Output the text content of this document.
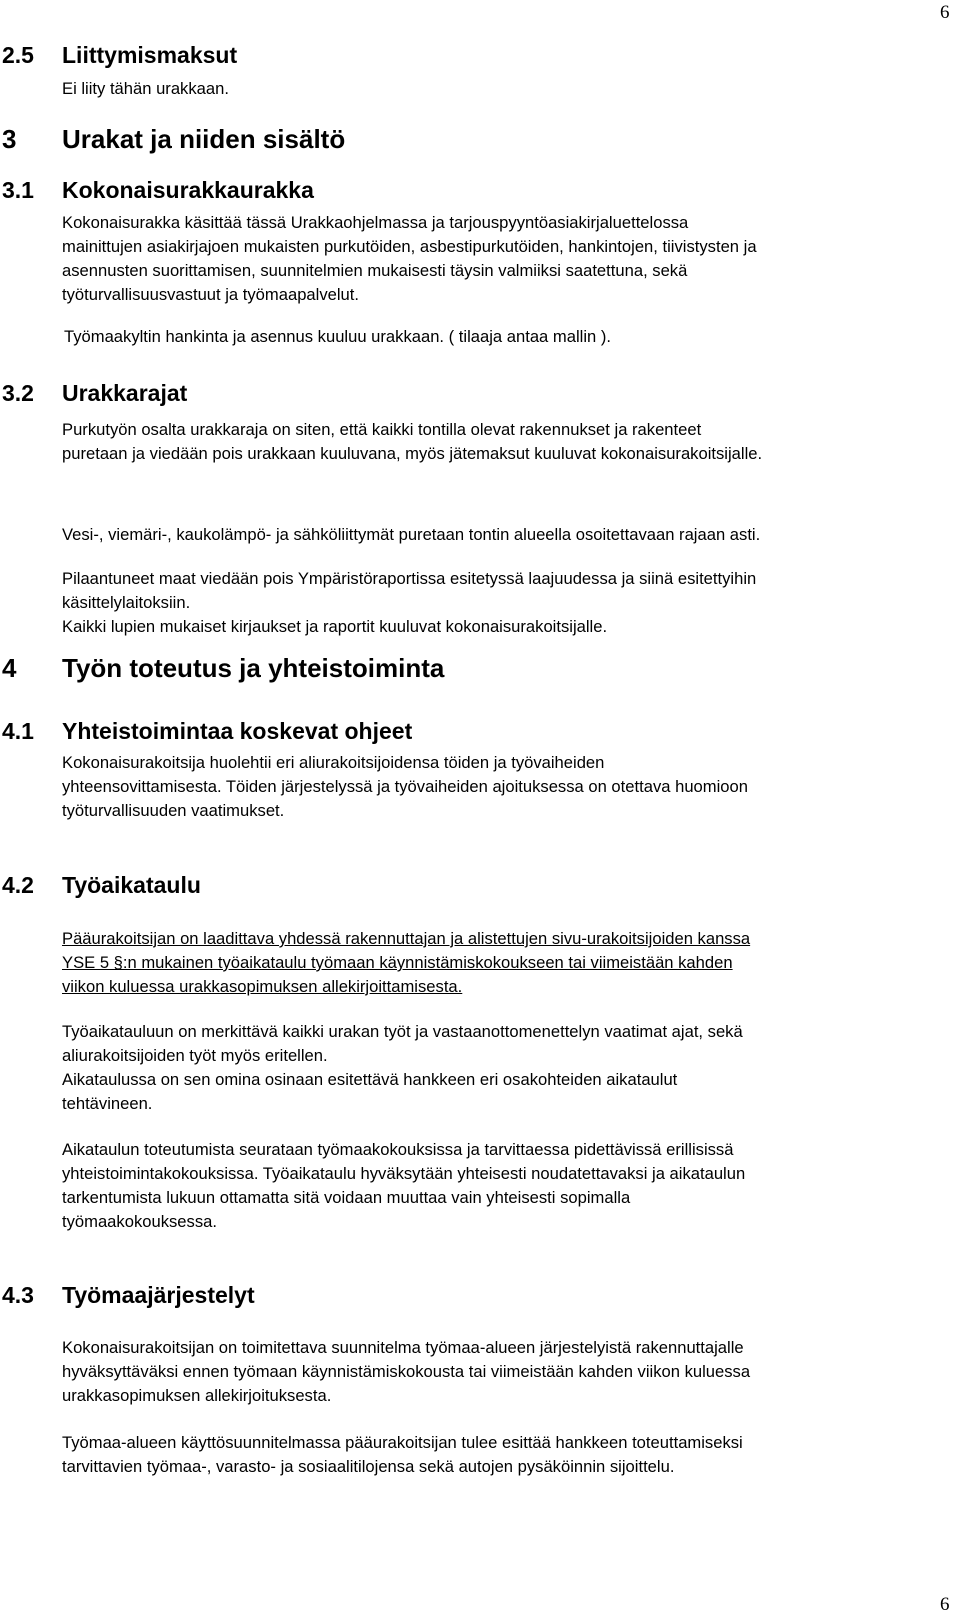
6
6
2.5 Liittymismaksut
Ei liity tähän urakkaan.
3 Urakat ja niiden sisältö
3.1 Kokonaisurakkaurakka
Kokonaisurakka käsittää tässä Urakkaohjelmassa ja tarjouspyyntöasiakirjaluettelossa
mainittujen asiakirjajoen mukaisten purkutöiden, asbestipurkutöiden, hankintojen, tiivistysten ja
asennusten suorittamisen, suunnitelmien mukaisesti täysin valmiiksi saatettuna, sekä
työturvallisuusvastuut ja työmaapalvelut.
Työmaakyltin hankinta ja asennus kuuluu urakkaan. ( tilaaja antaa mallin ).
3.2 Urakkarajat
Purkutyön osalta urakkaraja on siten, että kaikki tontilla olevat rakennukset ja rakenteet
puretaan ja viedään pois urakkaan kuuluvana, myös jätemaksut kuuluvat kokonaisurakoitsijalle.
Vesi-, viemäri-, kaukolämpö- ja sähköliittymät puretaan tontin alueella osoitettavaan rajaan asti.
Pilaantuneet maat viedään pois Ympäristöraportissa esitetyssä laajuudessa ja siinä esitettyihin
käsittelylaitoksiin.
Kaikki lupien mukaiset kirjaukset ja raportit kuuluvat kokonaisurakoitsijalle.
4 Työn toteutus ja yhteistoiminta
4.1 Yhteistoimintaa koskevat ohjeet
Kokonaisurakoitsija huolehtii eri aliurakoitsijoidensa töiden ja työvaiheiden
yhteensovittamisesta. Töiden järjestelyssä ja työvaiheiden ajoituksessa on otettava huomioon
työturvallisuuden vaatimukset.
4.2 Työaikataulu
Pääurakoitsijan on laadittava yhdessä rakennuttajan ja alistettujen sivu-urakoitsijoiden kanssa
YSE 5 §:n mukainen työaikataulu työmaan käynnistämiskokoukseen tai viimeistään kahden
viikon kuluessa urakkasopimuksen allekirjoittamisesta.
Työaikatauluun on merkittävä kaikki urakan työt ja vastaanottomenettelyn vaatimat ajat, sekä
aliurakoitsijoiden työt myös eritellen.
Aikataulussa on sen omina osinaan esitettävä hankkeen eri osakohteiden aikataulut
tehtävineen.
Aikataulun toteutumista seurataan työmaakokouksissa ja tarvittaessa pidettävissä erillisissä
yhteistoimintakokouksissa. Työaikataulu hyväksytään yhteisesti noudatettavaksi ja aikataulun
tarkentumista lukuun ottamatta sitä voidaan muuttaa vain yhteisesti sopimalla
työmaakokouksessa.
4.3 Työmaajärjestelyt
Kokonaisurakoitsijan on toimitettava suunnitelma työmaa-alueen järjestelyistä rakennuttajalle
hyväksyttäväksi ennen työmaan käynnistämiskokousta tai viimeistään kahden viikon kuluessa
urakkasopimuksen allekirjoituksesta.
Työmaa-alueen käyttösuunnitelmassa pääurakoitsijan tulee esittää hankkeen toteuttamiseksi
tarvittavien työmaa-, varasto- ja sosiaalitilojensa sekä autojen pysäköinnin sijoittelu.
